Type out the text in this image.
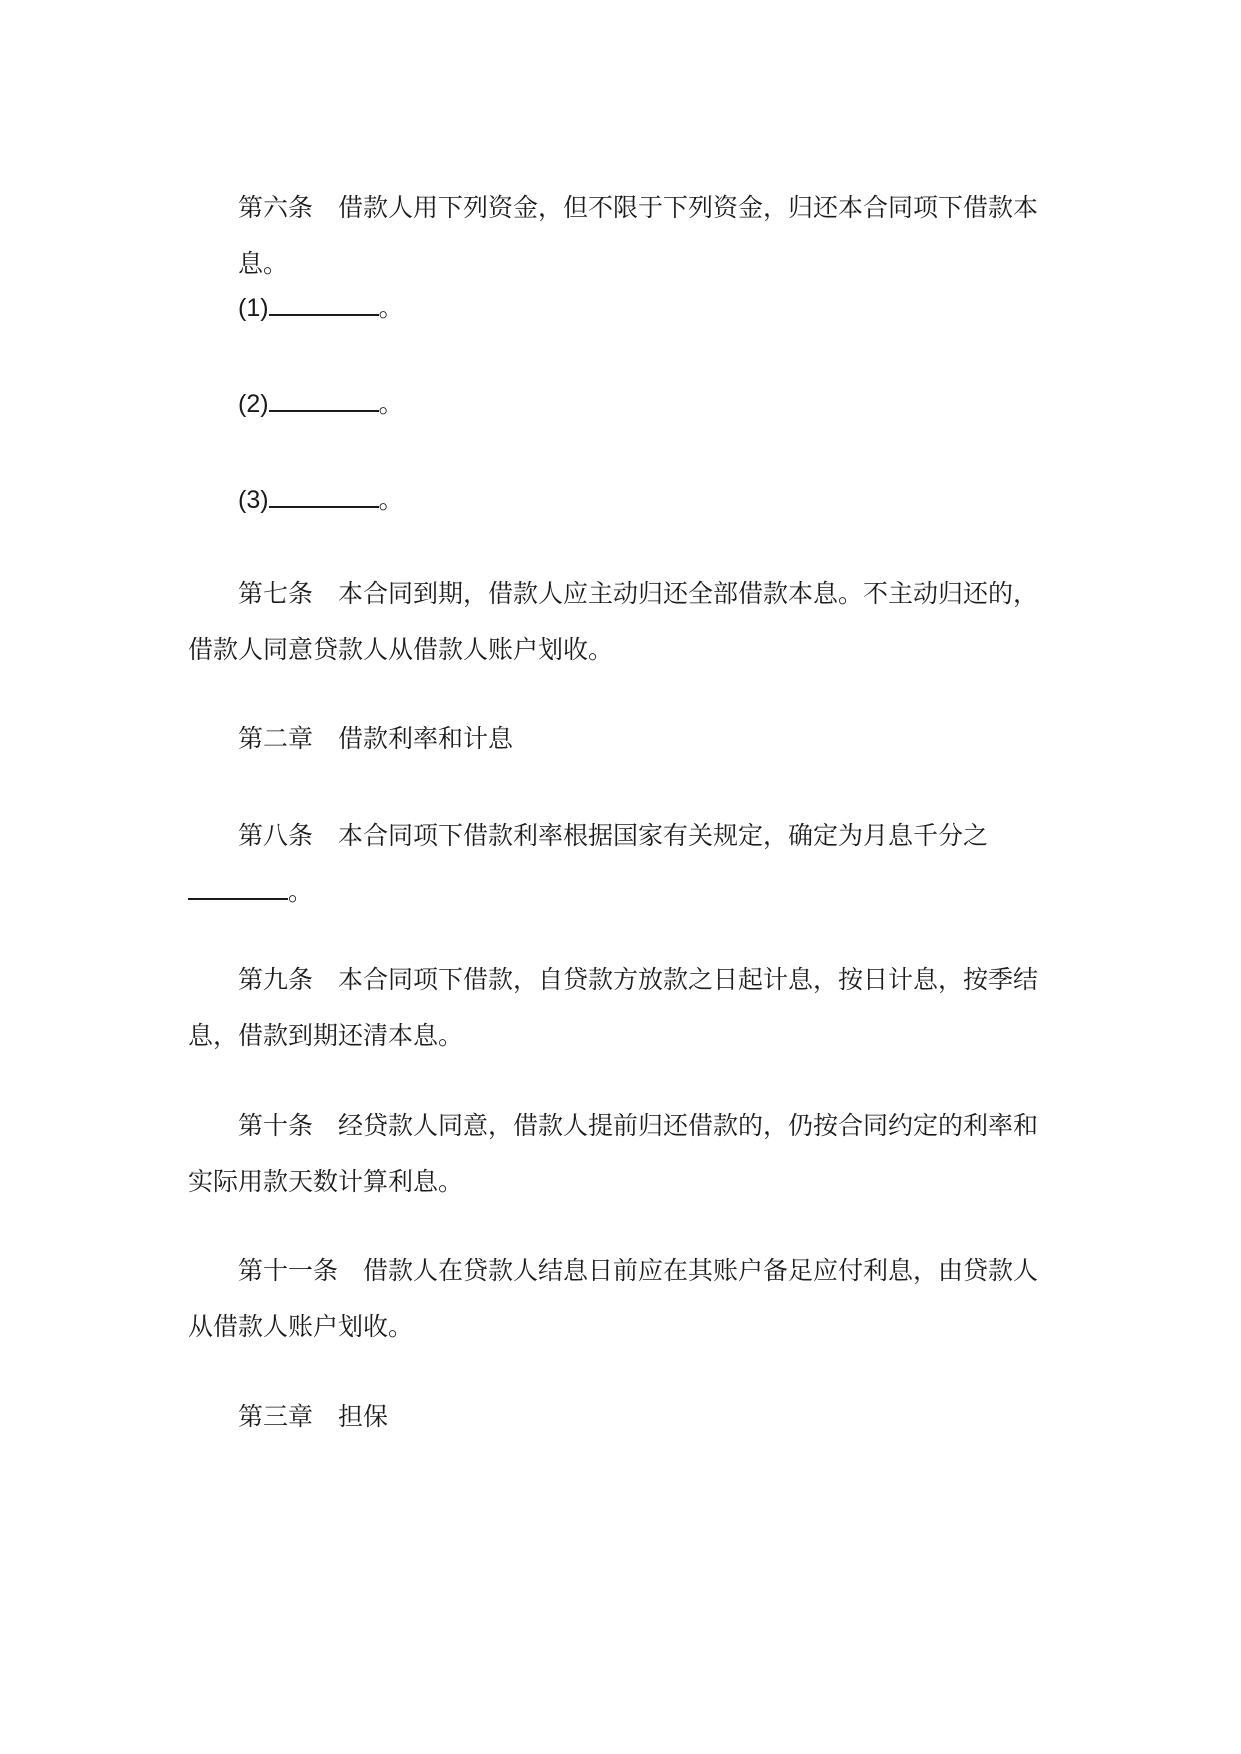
第六条　借款人用下列资金，但不限于下列资金，归还本合同项下借款本息。
(1)	。
(2)	。
(3)	。
第七条　本合同到期，借款人应主动归还全部借款本息。不主动归还的，借款人同意贷款人从借款人账户划收。
第二章　借款利率和计息
第八条　本合同项下借款利率根据国家有关规定，确定为月息千分之
。
第九条　本合同项下借款，自贷款方放款之日起计息，按日计息，按季结息，借款到期还清本息。
第十条　经贷款人同意，借款人提前归还借款的，仍按合同约定的利率和实际用款天数计算利息。
第十一条　借款人在贷款人结息日前应在其账户备足应付利息，由贷款人从借款人账户划收。
第三章　担保
